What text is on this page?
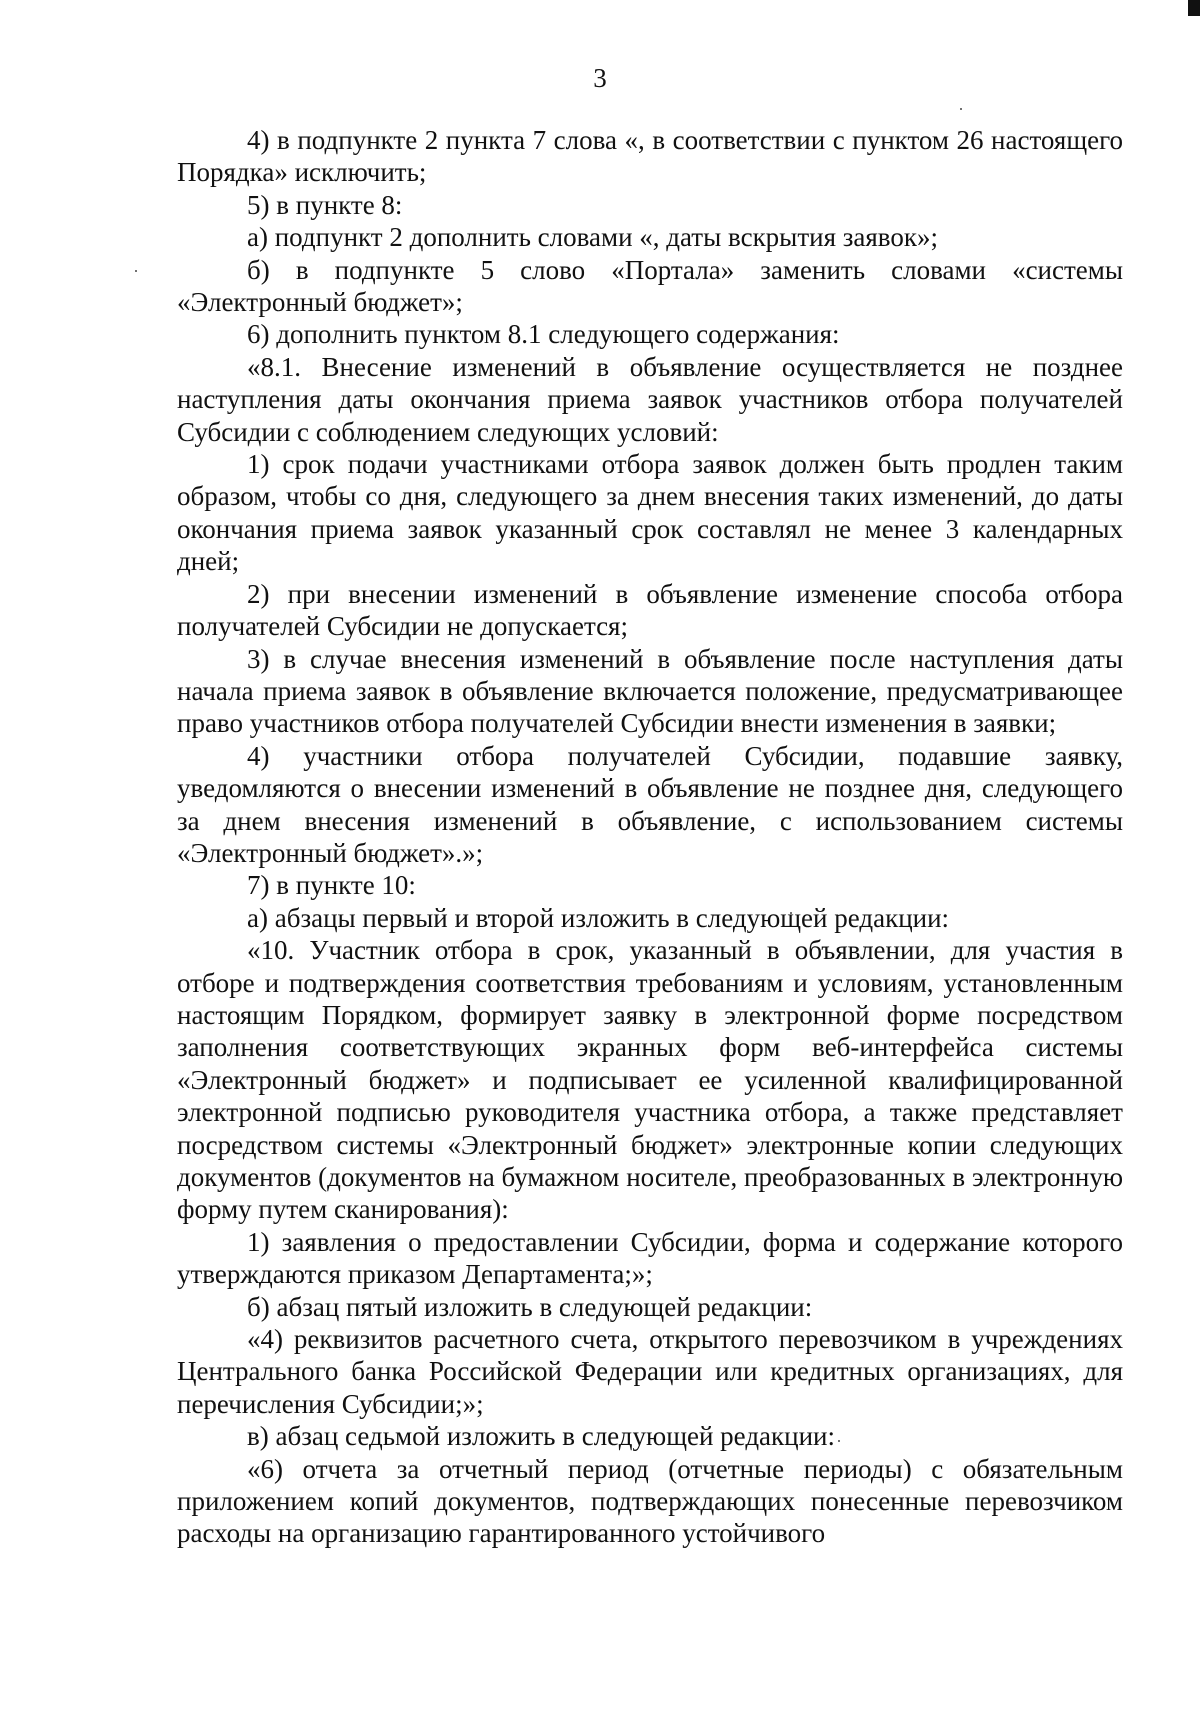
3

4) в подпункте 2 пункта 7 слова «, в соответствии с пунктом 26 настоящего Порядка» исключить;

5) в пункте 8:

а) подпункт 2 дополнить словами «, даты вскрытия заявок»;

б) в подпункте 5 слово «Портала» заменить словами «системы «Электронный бюджет»;

6) дополнить пунктом 8.1 следующего содержания:

«8.1. Внесение изменений в объявление осуществляется не позднее наступления даты окончания приема заявок участников отбора получателей Субсидии с соблюдением следующих условий:

1) срок подачи участниками отбора заявок должен быть продлен таким образом, чтобы со дня, следующего за днем внесения таких изменений, до даты окончания приема заявок указанный срок составлял не менее 3 календарных дней;

2) при внесении изменений в объявление изменение способа отбора получателей Субсидии не допускается;

3) в случае внесения изменений в объявление после наступления даты начала приема заявок в объявление включается положение, предусматривающее право участников отбора получателей Субсидии внести изменения в заявки;

4) участники отбора получателей Субсидии, подавшие заявку, уведомляются о внесении изменений в объявление не позднее дня, следующего за днем внесения изменений в объявление, с использованием системы «Электронный бюджет».»;

7) в пункте 10:

а) абзацы первый и второй изложить в следующей редакции:

«10. Участник отбора в срок, указанный в объявлении, для участия в отборе и подтверждения соответствия требованиям и условиям, установленным настоящим Порядком, формирует заявку в электронной форме посредством заполнения соответствующих экранных форм веб-интерфейса системы «Электронный бюджет» и подписывает ее усиленной квалифицированной электронной подписью руководителя участника отбора, а также представляет посредством системы «Электронный бюджет» электронные копии следующих документов (документов на бумажном носителе, преобразованных в электронную форму путем сканирования):

1) заявления о предоставлении Субсидии, форма и содержание которого утверждаются приказом Департамента;»;

б) абзац пятый изложить в следующей редакции:

«4) реквизитов расчетного счета, открытого перевозчиком в учреждениях Центрального банка Российской Федерации или кредитных организациях, для перечисления Субсидии;»;

в) абзац седьмой изложить в следующей редакции:

«6) отчета за отчетный период (отчетные периоды) с обязательным приложением копий документов, подтверждающих понесенные перевозчиком расходы на организацию гарантированного устойчивого
